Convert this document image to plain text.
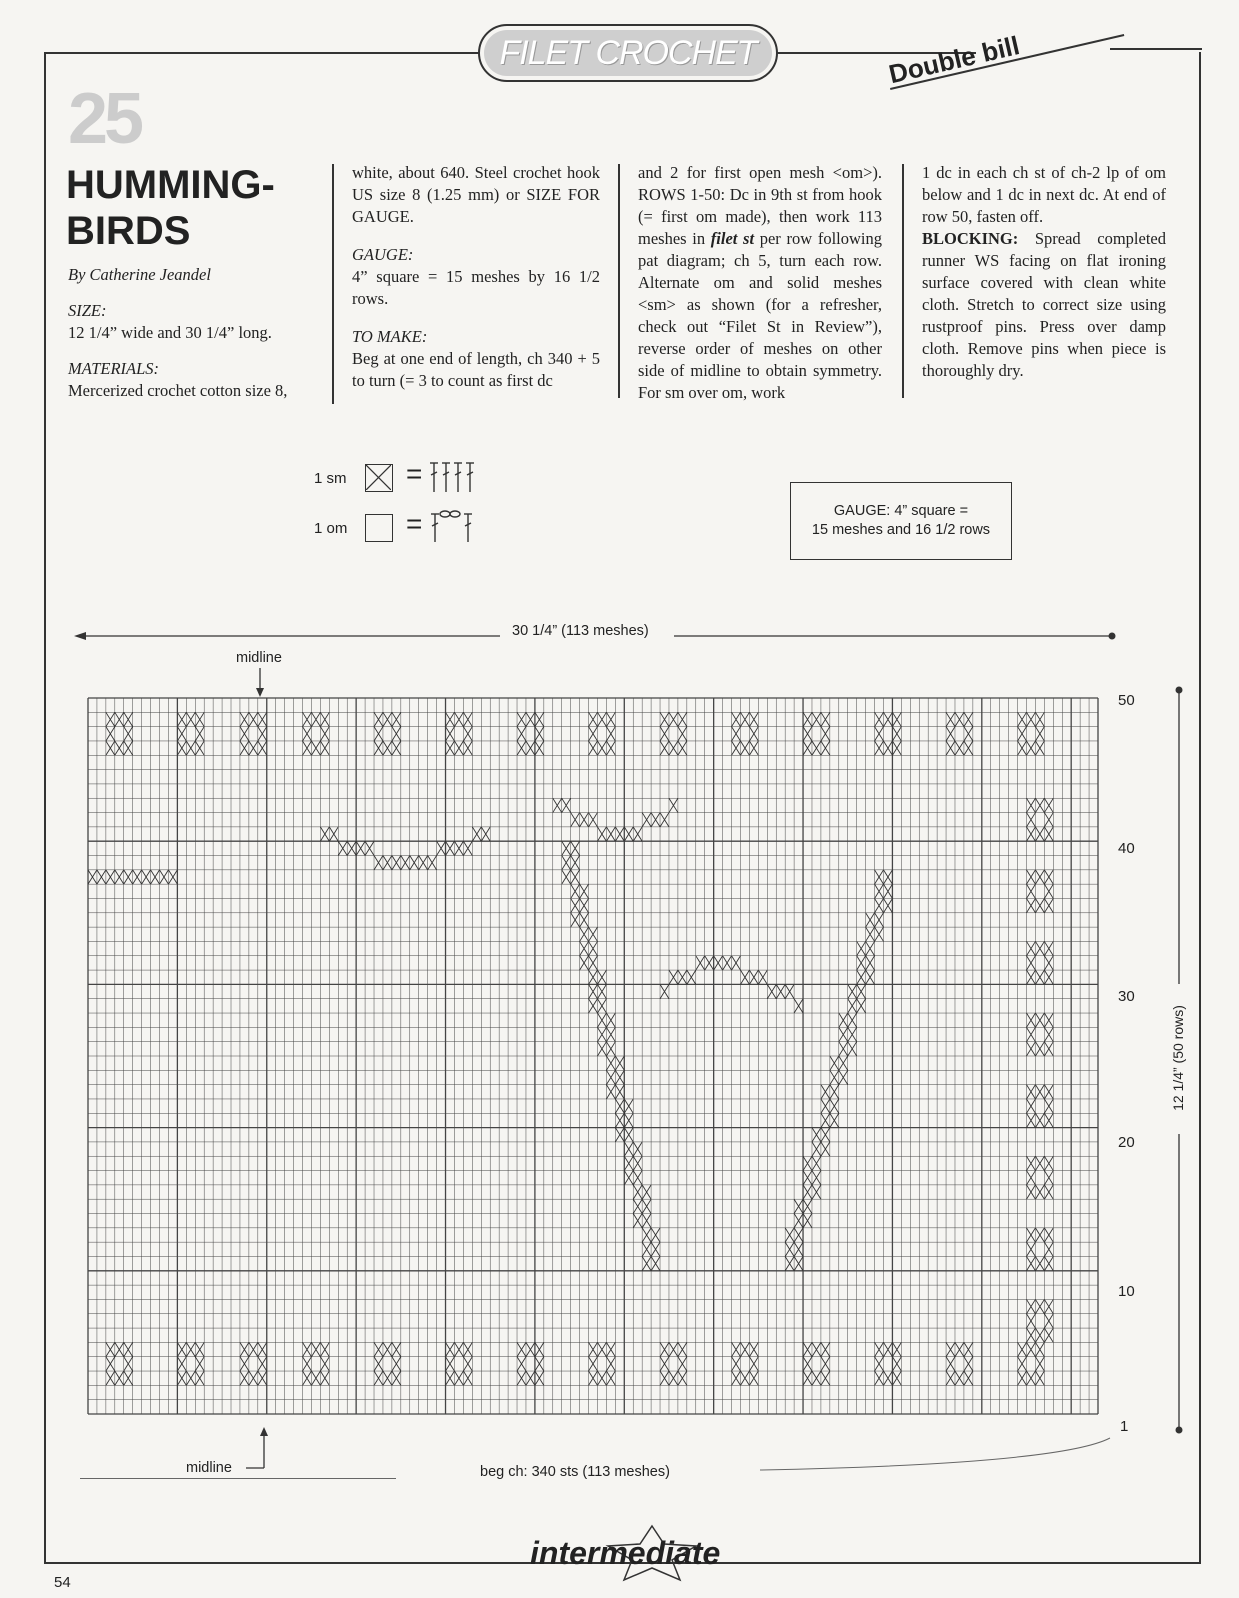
FILET CROCHET	Double bill
25
HUMMING-
BIRDS

By Catherine Jeandel

SIZE:

12 1/4” wide and 30 1/4” long.

MATERIALS:

Mercerized crochet cotton size 8,

white, about 640. Steel crochet hook US size 8 (1.25 mm) or SIZE FOR GAUGE.

GAUGE:

4” square = 15 meshes by 16 1/2 rows.

TO MAKE:

Beg at one end of length, ch 340 + 5 to turn (= 3 to count as first dc

and 2 for first open mesh <om>). ROWS 1-50: Dc in 9th st from hook (= first om made), then work 113 meshes in filet st per row following pat diagram; ch 5, turn each row. Alternate om and solid meshes <sm> as shown (for a refresher, check out “Filet St in Review”), reverse order of meshes on other side of midline to obtain symmetry. For sm over om, work

1 dc in each ch st of ch-2 lp of om below and 1 dc in next dc. At end of row 50, fasten off.

BLOCKING: Spread completed runner WS facing on flat ironing surface covered with clean white cloth. Stretch to correct size using rustproof pins. Press over damp cloth. Remove pins when piece is thoroughly dry.

1 sm =
1 om =	GAUGE: 4” square =
15 meshes and 16 1/2 rows
30 1/4” (113 meshes)
midline
50
40
30
20
10
1
12 1/4” (50 rows)
midline	beg ch: 340 sts (113 meshes)
intermediate
54
